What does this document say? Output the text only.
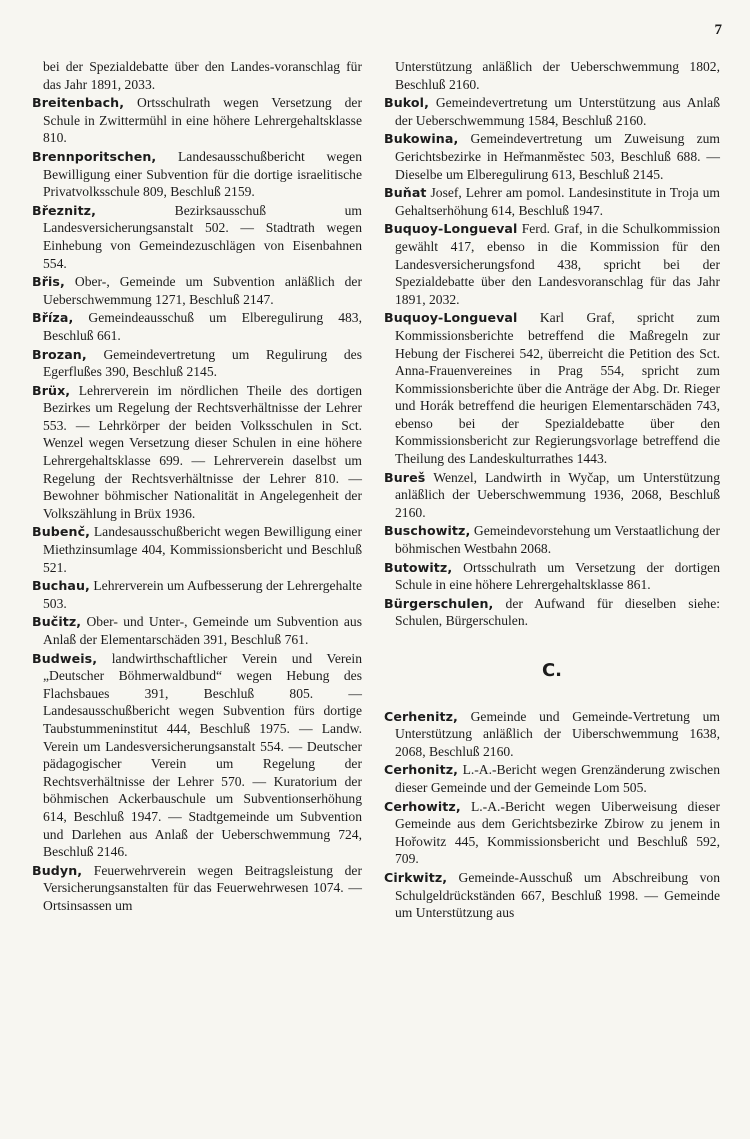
7

bei der Spezialdebatte über den Landes-voranschlag für das Jahr 1891, 2033.

Breitenbach, Ortsschulrath wegen Versetzung der Schule in Zwittermühl in eine höhere Lehrergehaltsklasse 810.

Brennporitschen, Landesausschußbericht wegen Bewilligung einer Subvention für die dortige israelitische Privatvolksschule 809, Beschluß 2159.

Březnitz, Bezirksausschuß um Landesversicherungsanstalt 502. — Stadtrath wegen Einhebung von Gemeindezuschlägen von Eisenbahnen 554.

Břis, Ober-, Gemeinde um Subvention anläßlich der Ueberschwemmung 1271, Beschluß 2147.

Bříza, Gemeindeausschuß um Elberegulirung 483, Beschluß 661.

Brozan, Gemeindevertretung um Regulirung des Egerflußes 390, Beschluß 2145.

Brüx, Lehrerverein im nördlichen Theile des dortigen Bezirkes um Regelung der Rechtsverhältnisse der Lehrer 553. — Lehrkörper der beiden Volksschulen in Sct. Wenzel wegen Versetzung dieser Schulen in eine höhere Lehrergehaltsklasse 699. — Lehrerverein daselbst um Regelung der Rechtsverhältnisse der Lehrer 810. — Bewohner böhmischer Nationalität in Angelegenheit der Volkszählung in Brüx 1936.

Bubenč, Landesausschußbericht wegen Bewilligung einer Miethzinsumlage 404, Kommissionsbericht und Beschluß 521.

Buchau, Lehrerverein um Aufbesserung der Lehrergehalte 503.

Bučitz, Ober- und Unter-, Gemeinde um Subvention aus Anlaß der Elementarschäden 391, Beschluß 761.

Budweis, landwirthschaftlicher Verein und Verein „Deutscher Böhmerwaldbund“ wegen Hebung des Flachsbaues 391, Beschluß 805. — Landesausschußbericht wegen Subvention fürs dortige Taubstummeninstitut 444, Beschluß 1975. — Landw. Verein um Landesversicherungsanstalt 554. — Deutscher pädagogischer Verein um Regelung der Rechtsverhältnisse der Lehrer 570. — Kuratorium der böhmischen Ackerbauschule um Subventionserhöhung 614, Beschluß 1947. — Stadtgemeinde um Subvention und Darlehen aus Anlaß der Ueberschwemmung 724, Beschluß 2146.

Budyn, Feuerwehrverein wegen Beitragsleistung der Versicherungsanstalten für das Feuerwehrwesen 1074. — Ortsinsassen um

Unterstützung anläßlich der Ueberschwemmung 1802, Beschluß 2160.

Bukol, Gemeindevertretung um Unterstützung aus Anlaß der Ueberschwemmung 1584, Beschluß 2160.

Bukowina, Gemeindevertretung um Zuweisung zum Gerichtsbezirke in Heřmanměstec 503, Beschluß 688. — Dieselbe um Elberegulirung 613, Beschluß 2145.

Buňat Josef, Lehrer am pomol. Landesinstitute in Troja um Gehaltserhöhung 614, Beschluß 1947.

Buquoy-Longueval Ferd. Graf, in die Schulkommission gewählt 417, ebenso in die Kommission für den Landesversicherungsfond 438, spricht bei der Spezialdebatte über den Landesvoranschlag für das Jahr 1891, 2032.

Buquoy-Longueval Karl Graf, spricht zum Kommissionsberichte betreffend die Maßregeln zur Hebung der Fischerei 542, überreicht die Petition des Sct. Anna-Frauenvereines in Prag 554, spricht zum Kommissionsberichte über die Anträge der Abg. Dr. Rieger und Horák betreffend die heurigen Elementarschäden 743, ebenso bei der Spezialdebatte über den Kommissionsbericht zur Regierungsvorlage betreffend die Theilung des Landeskulturrathes 1443.

Bureš Wenzel, Landwirth in Wyčap, um Unterstützung anläßlich der Ueberschwemmung 1936, 2068, Beschluß 2160.

Buschowitz, Gemeindevorstehung um Verstaatlichung der böhmischen Westbahn 2068.

Butowitz, Ortsschulrath um Versetzung der dortigen Schule in eine höhere Lehrergehaltsklasse 861.

Bürgerschulen, der Aufwand für dieselben siehe: Schulen, Bürgerschulen.

C.

Cerhenitz, Gemeinde und Gemeinde-Vertretung um Unterstützung anläßlich der Uiberschwemmung 1638, 2068, Beschluß 2160.

Cerhonitz, L.-A.-Bericht wegen Grenzänderung zwischen dieser Gemeinde und der Gemeinde Lom 505.

Cerhowitz, L.-A.-Bericht wegen Uiberweisung dieser Gemeinde aus dem Gerichtsbezirke Zbirow zu jenem in Hořowitz 445, Kommissionsbericht und Beschluß 592, 709.

Cirkwitz, Gemeinde-Ausschuß um Abschreibung von Schulgeldrückständen 667, Beschluß 1998. — Gemeinde um Unterstützung aus
